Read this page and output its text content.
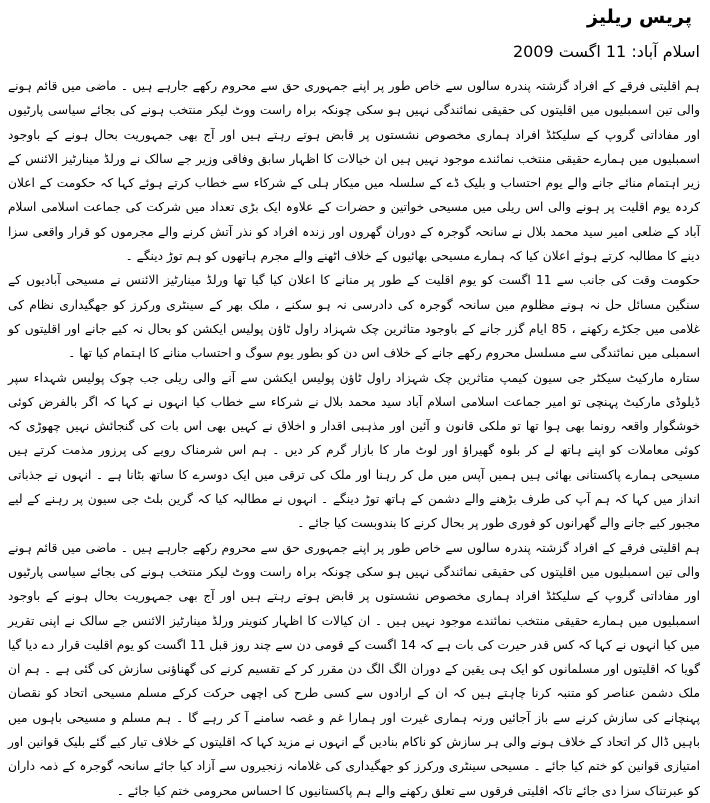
پریس ریلیز
اسلام آباد: 11 اگست 2009

ہم اقلیتی فرقے کے افراد گزشتہ پندرہ سالوں سے خاص طور پر اپنے جمہوری حق سے محروم رکھے جارہے ہیں ۔ ماضی میں قائم ہونے والی تین اسمبلیوں میں اقلیتوں کی حقیقی نمائندگی نہیں ہو سکی چونکہ براہ راست ووٹ لیکر منتخب ہونے کی بجائے سیاسی پارٹیوں اور مفاداتی گروپ کے سلیکٹڈ افراد ہماری مخصوص نشستوں پر قابض ہوتے رہتے ہیں اور آج بھی جمہوریت بحال ہونے کے باوجود اسمبلیوں میں ہمارے حقیقی منتخب نمائندے موجود نہیں ہیں ان خیالات کا اظہار سابق وفاقی وزیر جے سالک نے ورلڈ مینارٹیز الائنس کے زیر اہتمام منائے جانے والے یوم احتساب و بلیک ڈے کے سلسلہ میں میکار ہلی کے شرکاء سے خطاب کرتے ہوئے کہا کہ حکومت کے اعلان کردہ یوم اقلیت پر ہونے والی اس ریلی میں مسیحی خواتین و حضرات کے علاوہ ایک بڑی تعداد میں شرکت کی جماعت اسلامی اسلام آباد کے ضلعی امیر سید محمد بلال نے سانحہ گوجرہ کے دوران گھروں اور زندہ افراد کو نذر آتش کرنے والے مجرموں کو قرار واقعی سزا دینے کا مطالبہ کرتے ہوئے اعلان کیا کہ ہمارے مسیحی بھائیوں کے خلاف اٹھنے والے مجرم ہاتھوں کو ہم توڑ دینگے ۔

حکومت وقت کی جانب سے 11 اگست کو یوم اقلیت کے طور پر منانے کا اعلان کیا گیا تھا ورلڈ مینارٹیز الائنس نے مسیحی آبادیوں کے سنگین مسائل حل نہ ہونے مظلوم مین سانحہ گوجرہ کی دادرسی نہ ہو سکنے ، ملک بھر کے سینٹری ورکرز کو جھگیداری نظام کی غلامی میں جکڑے رکھنے ، 85 ایام گزر جانے کے باوجود متاثرین چک شہزاد راول ٹاؤن پولیس ایکشن کو بحال نہ کیے جانے اور اقلیتوں کو اسمبلی میں نمائندگی سے مسلسل محروم رکھے جانے کے خلاف اس دن کو بطور یوم سوگ و احتساب منانے کا اہتمام کیا تھا ۔

ستارہ مارکیٹ سیکٹر جی سیون کیمپ متاثرین چک شہزاد راول ٹاؤن پولیس ایکشن سے آنے والی ریلی جب چوک پولیس شہداء سپر ڈیلوڈی مارکیٹ پہنچی تو امیر جماعت اسلامی اسلام آباد سید محمد بلال نے شرکاء سے خطاب کیا انہوں نے کہا کہ اگر بالفرض کوئی خوشگوار واقعہ رونما بھی ہوا تھا تو ملکی قانون و آئین اور مذہبی اقدار و اخلاق نے کہیں بھی اس بات کی گنجائش نہیں چھوڑی کہ کوئی معاملات کو اپنے ہاتھ لے کر بلوہ گھیراؤ اور لوٹ مار کا بازار گرم کر دیں ۔ ہم اس شرمناک رویے کی پرزور مذمت کرتے ہیں مسیحی ہمارے پاکستانی بھائی ہیں ہمیں آپس میں مل کر رہنا اور ملک کی ترقی میں ایک دوسرے کا ساتھ بٹانا ہے ۔ انہوں نے جذباتی انداز میں کہا کہ ہم آپ کی طرف بڑھنے والے دشمن کے ہاتھ توڑ دینگے ۔ انہوں نے مطالبہ کیا کہ گرین بلٹ جی سیون پر رہنے کے لیے مجبور کیے جانے والے گھرانوں کو فوری طور پر بحال کرنے کا بندوبست کیا جائے ۔

ہم اقلیتی فرقے کے افراد گزشتہ پندرہ سالوں سے خاص طور پر اپنے جمہوری حق سے محروم رکھے جارہے ہیں ۔ ماضی میں قائم ہونے والی تین اسمبلیوں میں اقلیتوں کی حقیقی نمائندگی نہیں ہو سکی چونکہ براہ راست ووٹ لیکر منتخب ہونے کی بجائے سیاسی پارٹیوں اور مفاداتی گروپ کے سلیکٹڈ افراد ہماری مخصوص نشستوں پر قابض ہوتے رہتے ہیں اور آج بھی جمہوریت بحال ہونے کے باوجود اسمبلیوں میں ہمارے حقیقی منتخب نمائندے موجود نہیں ہیں ۔ ان کیالات کا اظہار کنوینر ورلڈ مینارٹیز الائنس جے سالک نے اپنی تقریر میں کیا انہوں نے کہا کہ کس قدر حیرت کی بات ہے کہ 14 اگست کے قومی دن سے چند روز قبل 11 اگست کو یوم اقلیت قرار دے دیا گیا گویا کہ اقلیتوں اور مسلمانوں کو ایک ہی یقین کے دوران الگ الگ دن مقرر کر کے تقسیم کرنے کی گھناؤنی سازش کی گئی ہے ۔ ہم ان ملک دشمن عناصر کو متنبہ کرنا چاہتے ہیں کہ ان کے ارادوں سے کسی طرح کی اچھی حرکت کرکے مسلم مسیحی اتحاد کو نقصان پہنچانے کی سازش کرنے سے باز آجائیں ورنہ ہماری غیرت اور ہمارا غم و غصہ سامنے آ کر رہے گا ۔ ہم مسلم و مسیحی باہوں میں باہیں ڈال کر اتحاد کے خلاف ہونے والی ہر سازش کو ناکام بنادیں گے انہوں نے مزید کہا کہ اقلیتوں کے خلاف تیار کیے گئے بلیک قوانین اور امتیازی قوانین کو ختم کیا جائے ۔ مسیحی سینٹری ورکرز کو جھگیداری کی غلامانہ زنجیروں سے آزاد کیا جائے سانحہ گوجرہ کے ذمہ داران کو عبرتناک سزا دی جائے تاکہ اقلیتی فرقوں سے تعلق رکھنے والے ہم پاکستانیوں کا احساس محرومی ختم کیا جائے ۔
